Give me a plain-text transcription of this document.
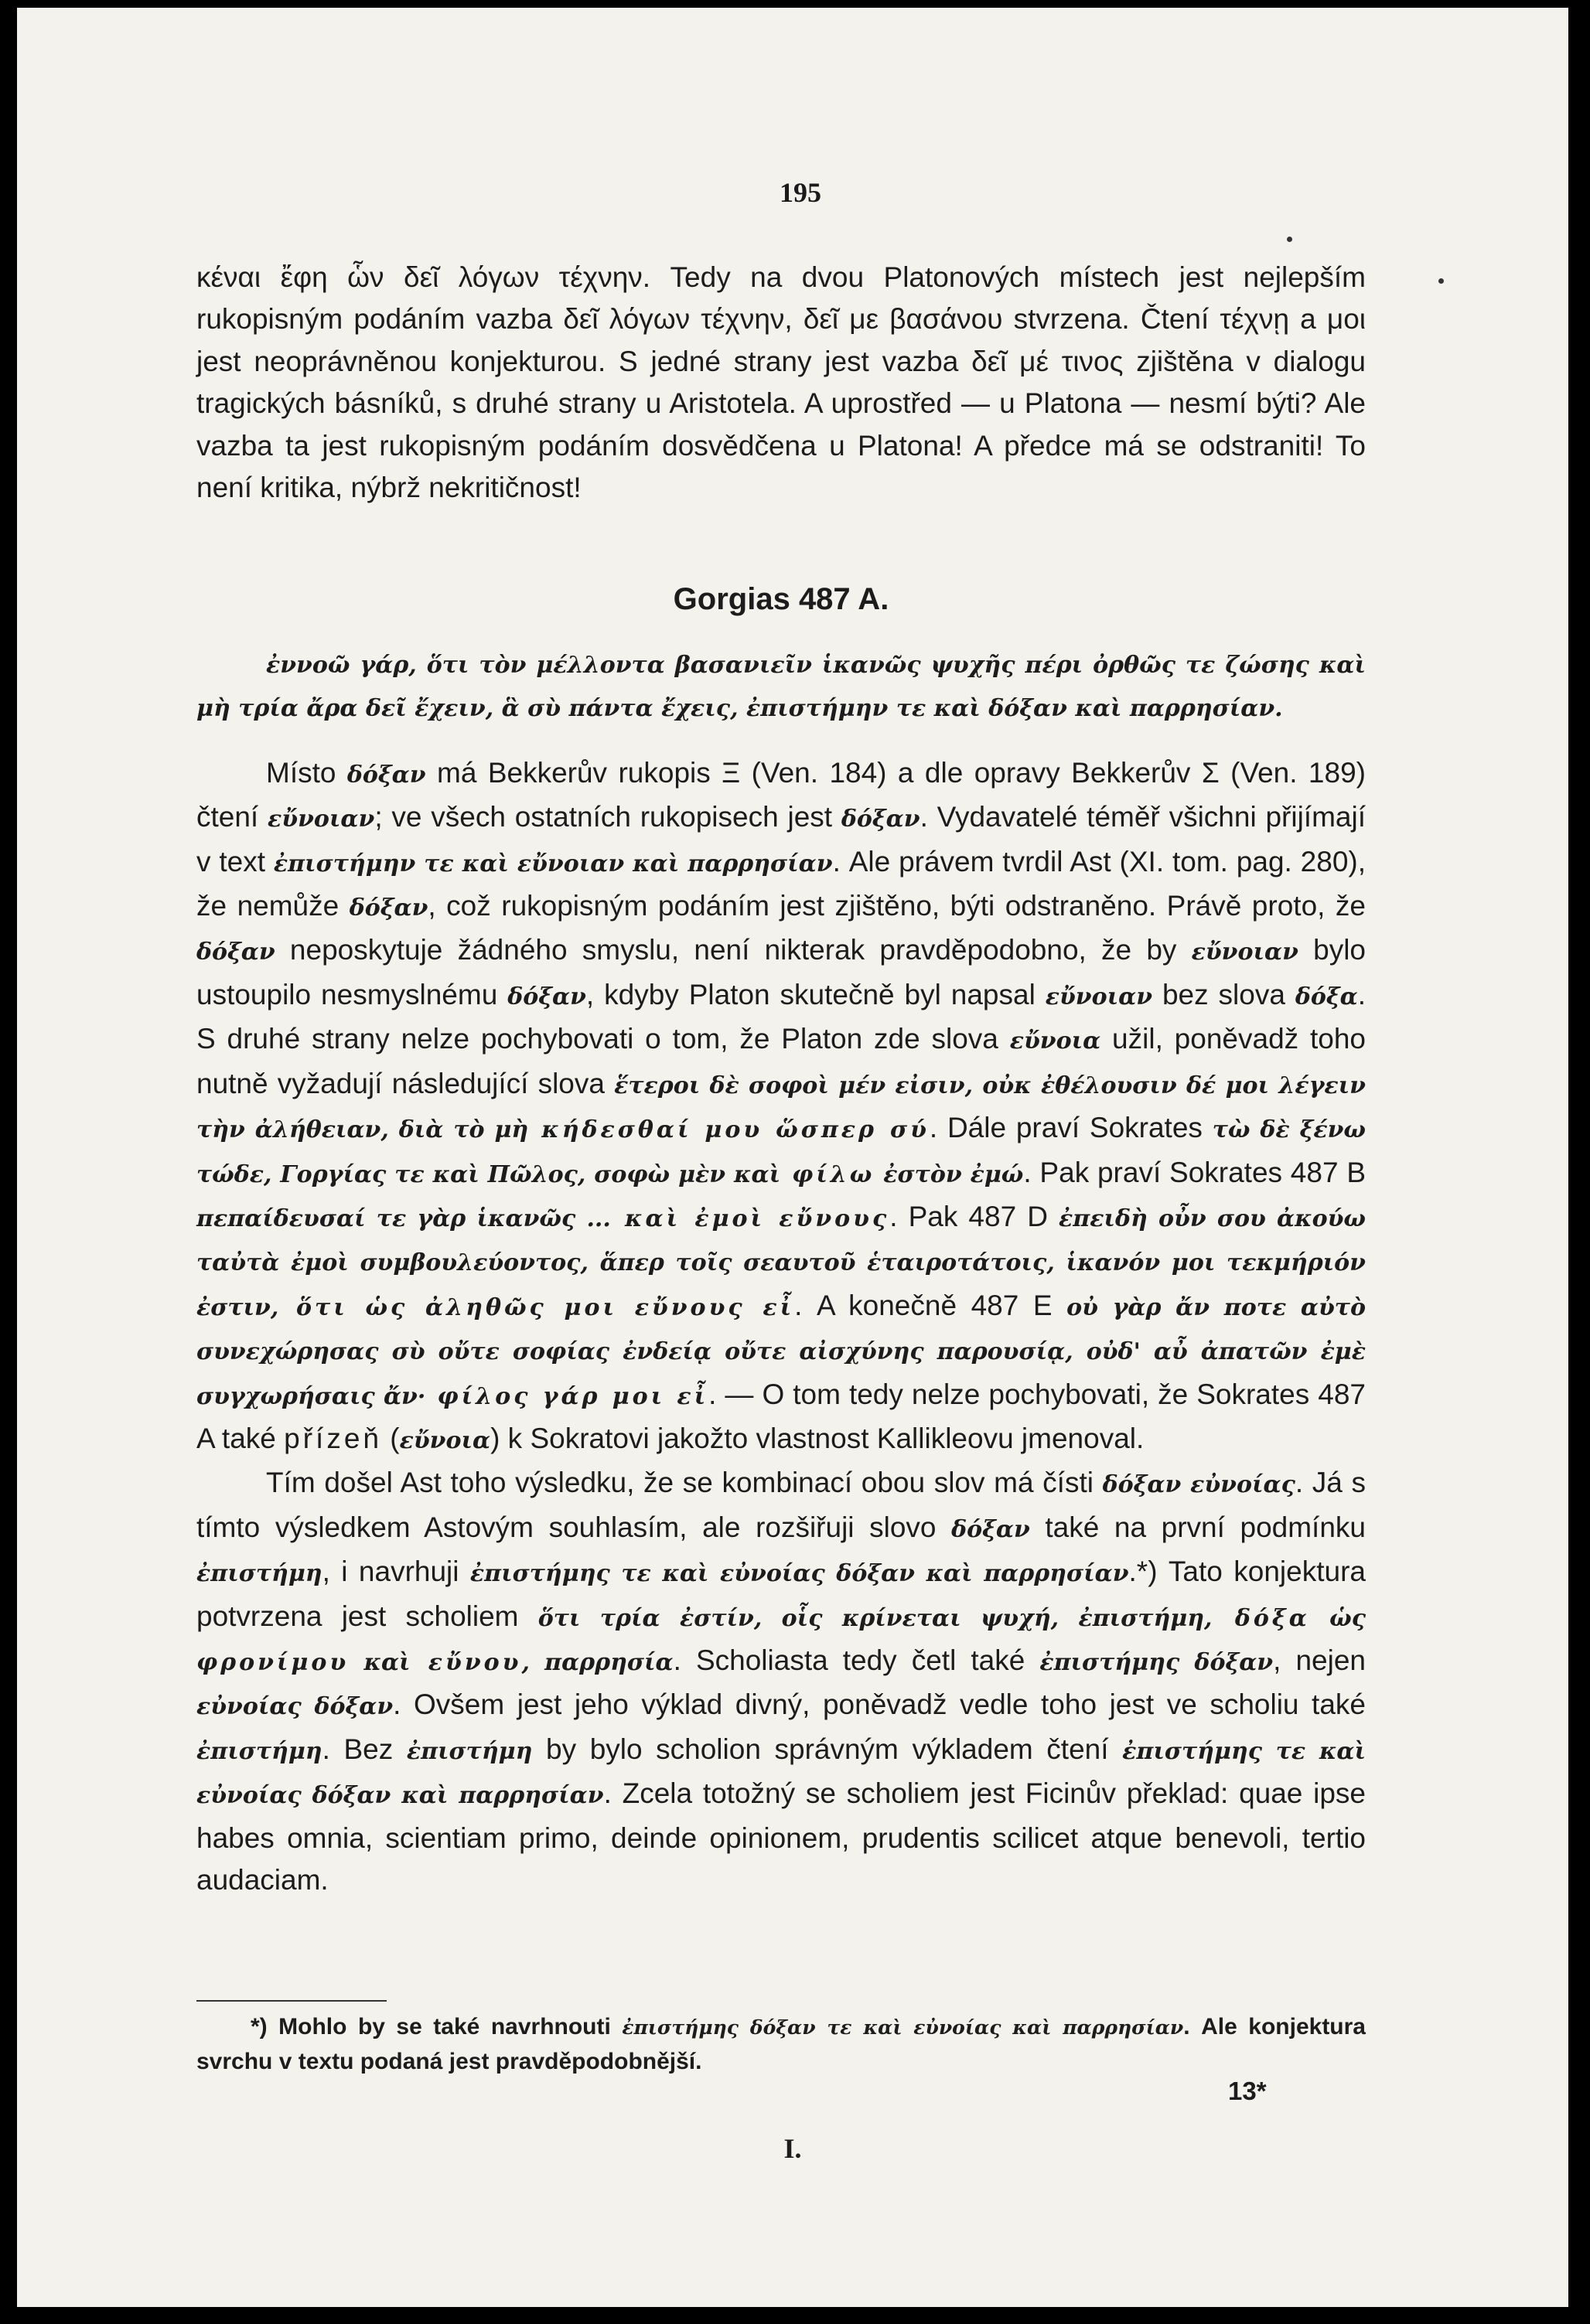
195

κέναι ἔφη ὧν δεῖ λόγων τέχνην. Tedy na dvou Platonových místech jest nejlepším rukopisným podáním vazba δεῖ λόγων τέχνην, δεῖ με βασάνου stvrzena. Čtení τέχνῃ a μοι jest neoprávněnou konjekturou. S jedné strany jest vazba δεῖ μέ τινος zjištěna v dialogu tragických básníků, s druhé strany u Aristotela. A uprostřed — u Platona — nesmí býti? Ale vazba ta jest rukopisným podáním dosvědčena u Platona! A předce má se odstraniti! To není kritika, nýbrž nekritičnost!

Gorgias 487 A.

ἐννοῶ γάρ, ὅτι τὸν μέλλοντα βασανιεῖν ἱκανῶς ψυχῆς πέρι ὀρθῶς τε ζώσης καὶ μὴ τρία ἄρα δεῖ ἔχειν, ἃ σὺ πάντα ἔχεις, ἐπιστήμην τε καὶ δόξαν καὶ παρρησίαν.

Místo δόξαν má Bekkerův rukopis Ξ (Ven. 184) a dle opravy Bekkerův Σ (Ven. 189) čtení εὔνοιαν; ve všech ostatních rukopisech jest δόξαν. Vydavatelé téměř všichni přijímají v text ἐπιστήμην τε καὶ εὔνοιαν καὶ παρρησίαν. Ale právem tvrdil Ast (XI. tom. pag. 280), že nemůže δόξαν, což rukopisným podáním jest zjištěno, býti odstraněno. Právě proto, že δόξαν neposkytuje žádného smyslu, není nikterak pravděpodobno, že by εὔνοιαν bylo ustoupilo nesmyslnému δόξαν, kdyby Platon skutečně byl napsal εὔνοιαν bez slova δόξα. S druhé strany nelze pochybovati o tom, že Platon zde slova εὔνοια užil, poněvadž toho nutně vyžadují následující slova ἕτεροι δὲ σοφοὶ μέν εἰσιν, οὐκ ἐθέλουσιν δέ μοι λέγειν τὴν ἀλήθειαν, διὰ τὸ μὴ κήδεσθαί μου ὥσπερ σύ. Dále praví Sokrates τὼ δὲ ξένω τώδε, Γοργίας τε καὶ Πῶλος, σοφὼ μὲν καὶ φίλω ἐστὸν ἐμώ. Pak praví Sokrates 487 B πεπαίδευσαί τε γὰρ ἱκανῶς ... καὶ ἐμοὶ εὔνους. Pak 487 D ἐπειδὴ οὖν σου ἀκούω ταὐτὰ ἐμοὶ συμβουλεύοντος, ἅπερ τοῖς σεαυτοῦ ἑταιροτάτοις, ἱκανόν μοι τεκμήριόν ἐστιν, ὅτι ὡς ἀληθῶς μοι εὔνους εἶ. A konečně 487 E οὐ γὰρ ἄν ποτε αὐτὸ συνεχώρησας σὺ οὔτε σοφίας ἐνδείᾳ οὔτε αἰσχύνης παρουσίᾳ, οὐδ' αὖ ἀπατῶν ἐμὲ συγχωρήσαις ἄν· φίλος γάρ μοι εἶ. — O tom tedy nelze pochybovati, že Sokrates 487 A také přízeň (εὔνοια) k Sokratovi jakožto vlastnost Kallikleovu jmenoval.

Tím došel Ast toho výsledku, že se kombinací obou slov má čísti δόξαν εὐνοίας. Já s tímto výsledkem Astovým souhlasím, ale rozšiřuji slovo δόξαν také na první podmínku ἐπιστήμη, i navrhuji ἐπιστήμης τε καὶ εὐνοίας δόξαν καὶ παρρησίαν.*) Tato konjektura potvrzena jest scholiem ὅτι τρία ἐστίν, οἷς κρίνεται ψυχή, ἐπιστήμη, δόξα ὡς φρονίμου καὶ εὔνου, παρρησία. Scholiasta tedy četl také ἐπιστήμης δόξαν, nejen εὐνοίας δόξαν. Ovšem jest jeho výklad divný, poněvadž vedle toho jest ve scholiu také ἐπιστήμη. Bez ἐπιστήμη by bylo scholion správným výkladem čtení ἐπιστήμης τε καὶ εὐνοίας δόξαν καὶ παρρησίαν. Zcela totožný se scholiem jest Ficinův překlad: quae ipse habes omnia, scientiam primo, deinde opinionem, prudentis scilicet atque benevoli, tertio audaciam.

*) Mohlo by se také navrhnouti ἐπιστήμης δόξαν τε καὶ εὐνοίας καὶ παρρησίαν. Ale konjektura svrchu v textu podaná jest pravděpodobnější.

13*

I.
